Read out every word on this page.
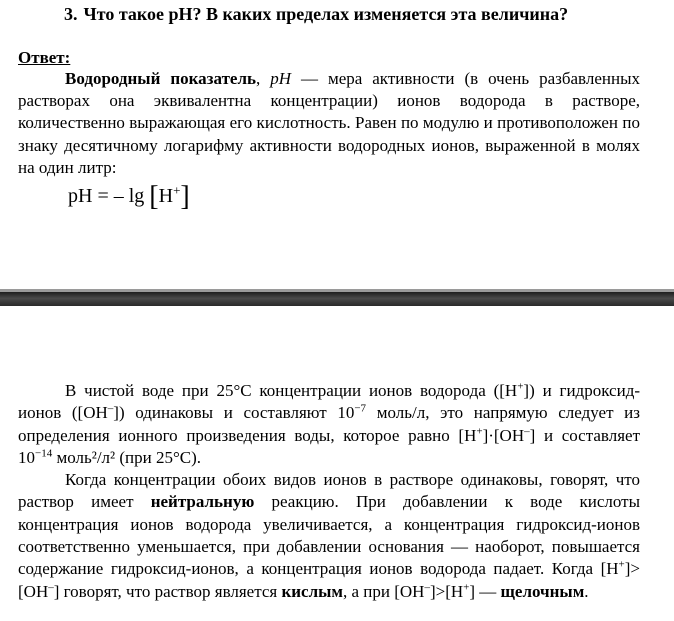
3. Что такое pH? В каких пределах изменяется эта величина?
Ответ:
Водородный показатель, pH — мера активности (в очень разбавленных растворах она эквивалентна концентрации) ионов водорода в растворе, количественно выражающая его кислотность. Равен по модулю и противоположен по знаку десятичному логарифму активности водородных ионов, выраженной в молях на один литр:
pH = – lg [H+]

В чистой воде при 25°C концентрации ионов водорода ([H+]) и гидроксид-ионов ([OH–]) одинаковы и составляют $10^{-7}$ моль/л, это напрямую следует из определения ионного произведения воды, которое равно [H+]·[OH–] и составляет $10^{-14}$ моль²/л² (при 25°C).

Когда концентрации обоих видов ионов в растворе одинаковы, говорят, что раствор имеет нейтральную реакцию. При добавлении к воде кислоты концентрация ионов водорода увеличивается, а концентрация гидроксид-ионов соответственно уменьшается, при добавлении основания — наоборот, повышается содержание гидроксид-ионов, а концентрация ионов водорода падает. Когда [H+]>[OH–] говорят, что раствор является кислым, а при [OH–]>[H+] — щелочным.
